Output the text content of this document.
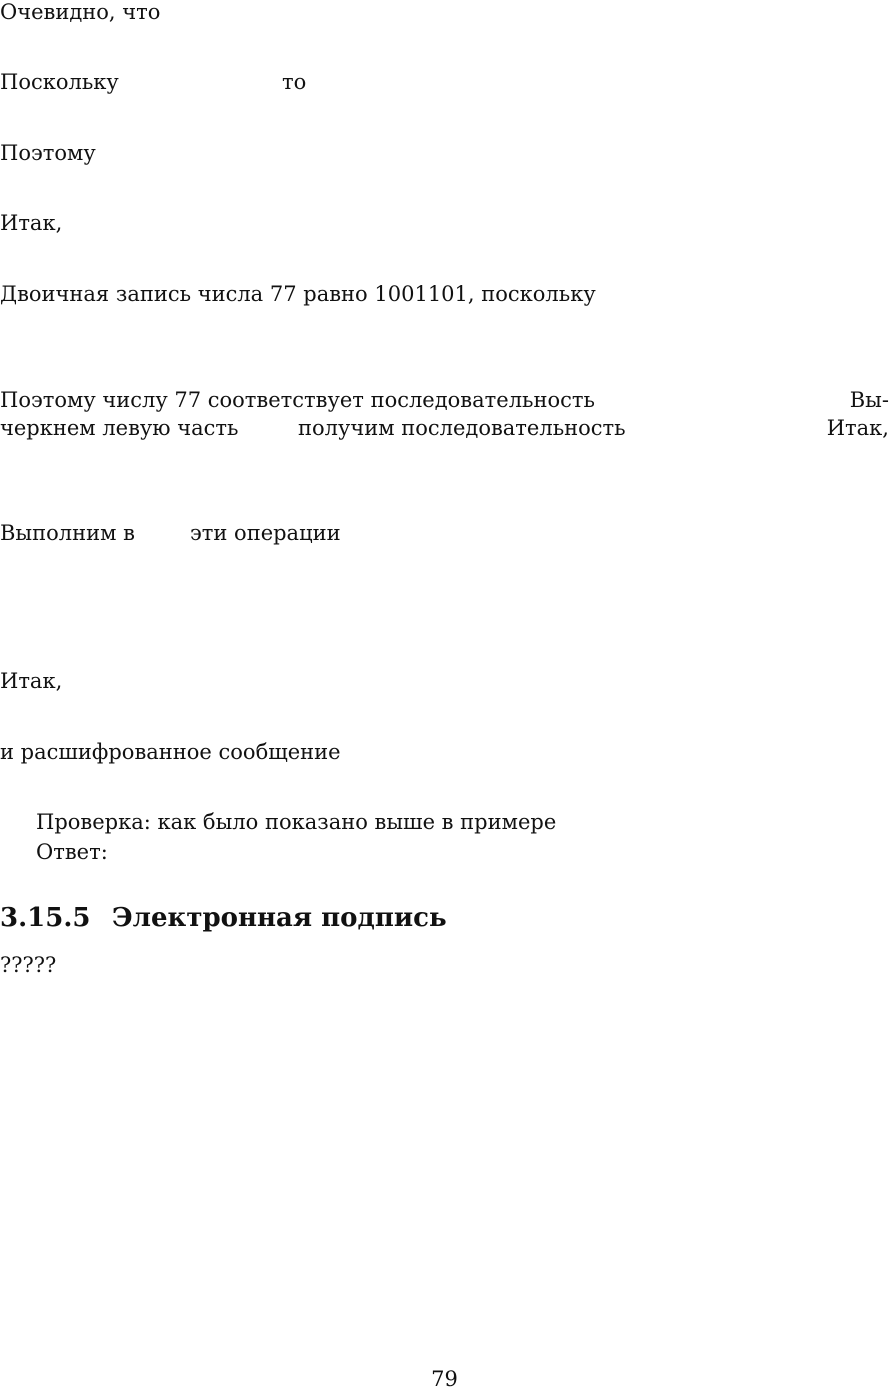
Очевидно, что

Поскольку	то

Поэтому

Итак,

Двоичная запись числа 77 равно 1001101, поскольку

Поэтому числу 77 соответствует последовательность	Вы-

черкнем левую часть	получим последовательность	Итак,

Выполним в	эти операции

Итак,

и расшифрованное сообщение

Проверка: как было показано выше в примере

Ответ:

3.15.5 Электронная подпись

?????

79
